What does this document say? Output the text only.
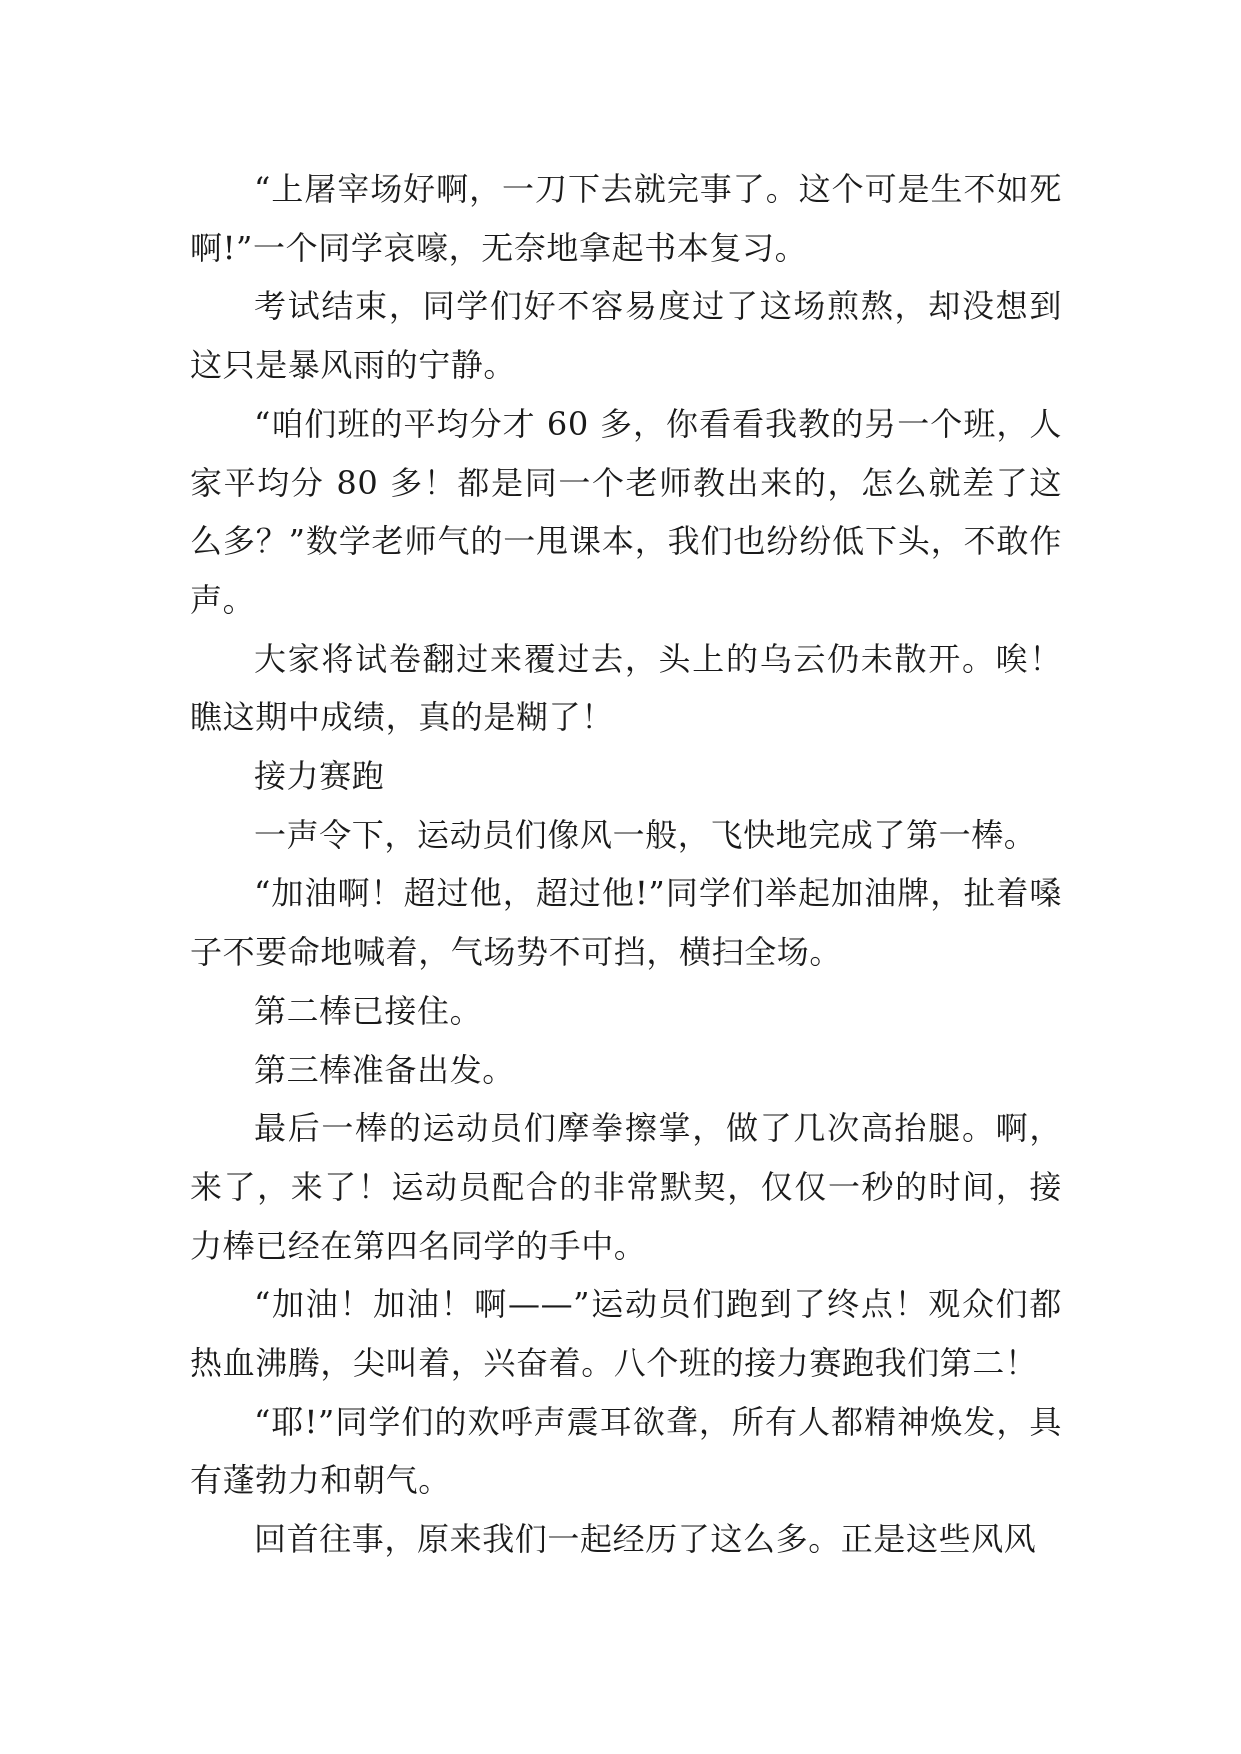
“上屠宰场好啊，一刀下去就完事了。这个可是生不如死啊!”一个同学哀嚎，无奈地拿起书本复习。

考试结束，同学们好不容易度过了这场煎熬，却没想到这只是暴风雨的宁静。

“咱们班的平均分才 60 多，你看看我教的另一个班，人家平均分 80 多！都是同一个老师教出来的，怎么就差了这么多？”数学老师气的一甩课本，我们也纷纷低下头，不敢作声。

大家将试卷翻过来覆过去，头上的乌云仍未散开。唉！瞧这期中成绩，真的是糊了！

接力赛跑

一声令下，运动员们像风一般，飞快地完成了第一棒。

“加油啊！超过他，超过他!”同学们举起加油牌，扯着嗓子不要命地喊着，气场势不可挡，横扫全场。

第二棒已接住。

第三棒准备出发。

最后一棒的运动员们摩拳擦掌，做了几次高抬腿。啊，来了，来了！运动员配合的非常默契，仅仅一秒的时间，接力棒已经在第四名同学的手中。

“加油！加油！啊——”运动员们跑到了终点！观众们都热血沸腾，尖叫着，兴奋着。八个班的接力赛跑我们第二！

“耶!”同学们的欢呼声震耳欲聋，所有人都精神焕发，具有蓬勃力和朝气。

回首往事，原来我们一起经历了这么多。正是这些风风
